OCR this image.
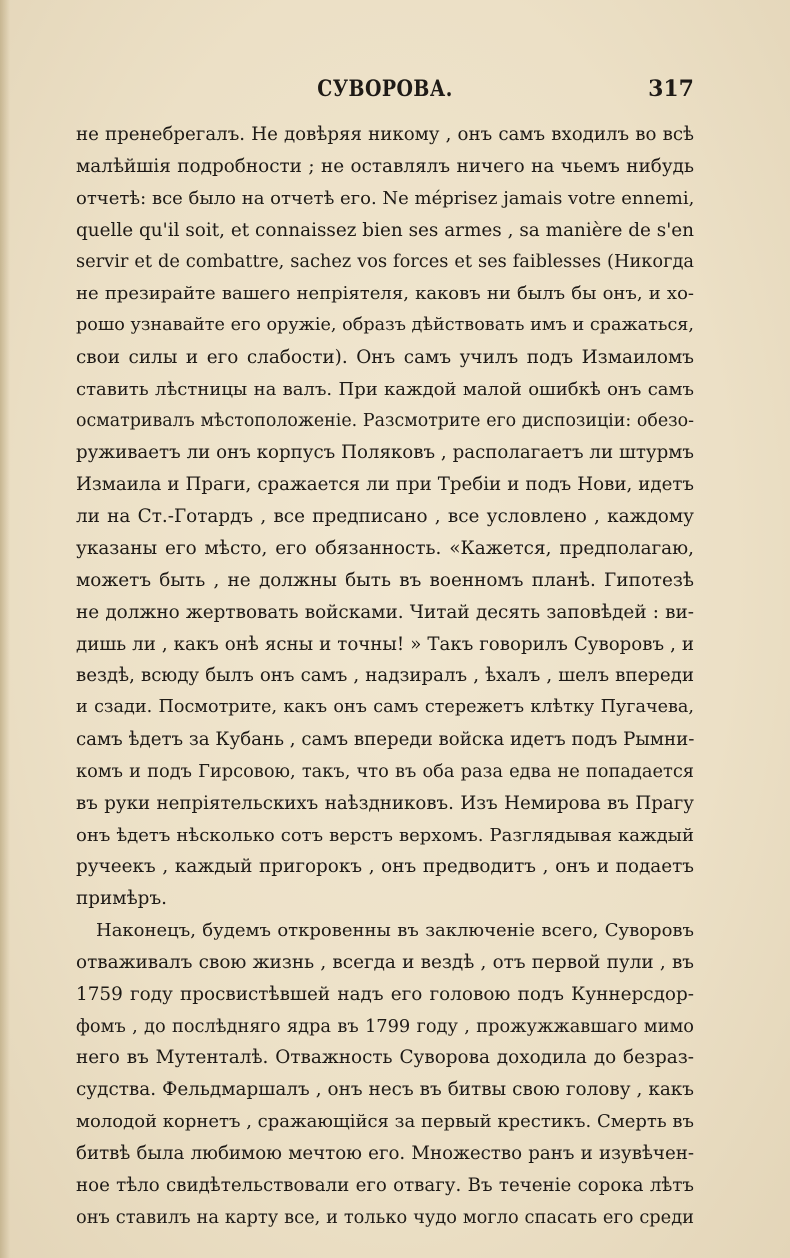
СУВОРОВА.	317
не пренебрегалъ. Не довѣряя никому , онъ самъ входилъ во всѣ
малѣйшія подробности ; не оставлялъ ничего на чьемъ нибудь
отчетѣ: все было на отчетѣ его. Ne méprisez jamais votre ennemi,
quelle qu'il soit, et connaissez bien ses armes , sa manière de s'en
servir et de combattre, sachez vos forces et ses faiblesses (Никогда
не презирайте вашего непріятеля, каковъ ни былъ бы онъ, и хо-
рошо узнавайте его оружіе, образъ дѣйствовать имъ и сражаться,
свои силы и его слабости). Онъ самъ училъ подъ Измаиломъ
ставить лѣстницы на валъ. При каждой малой ошибкѣ онъ самъ
осматривалъ мѣстоположеніе. Разсмотрите его диспозиціи: обезо-
руживаетъ ли онъ корпусъ Поляковъ , располагаетъ ли штурмъ
Измаила и Праги, сражается ли при Требіи и подъ Нови, идетъ
ли на Ст.-Готардъ , все предписано , все условлено , каждому
указаны его мѣсто, его обязанность. «Кажется, предполагаю,
можетъ быть , не должны быть въ военномъ планѣ. Гипотезѣ
не должно жертвовать войсками. Читай десять заповѣдей : ви-
дишь ли , какъ онѣ ясны и точны! » Такъ говорилъ Суворовъ , и
вездѣ, всюду былъ онъ самъ , надзиралъ , ѣхалъ , шелъ впереди
и сзади. Посмотрите, какъ онъ самъ стережетъ клѣтку Пугачева,
самъ ѣдетъ за Кубань , самъ впереди войска идетъ подъ Рымни-
комъ и подъ Гирсовою, такъ, что въ оба раза едва не попадается
въ руки непріятельскихъ наѣздниковъ. Изъ Немирова въ Прагу
онъ ѣдетъ нѣсколько сотъ верстъ верхомъ. Разглядывая каждый
ручеекъ , каждый пригорокъ , онъ предводитъ , онъ и подаетъ
примѣръ.
Наконецъ, будемъ откровенны въ заключеніе всего, Суворовъ
отваживалъ свою жизнь , всегда и вездѣ , отъ первой пули , въ
1759 году просвистѣвшей надъ его головою подъ Куннерсдор-
фомъ , до послѣдняго ядра въ 1799 году , прожужжавшаго мимо
него въ Мутенталѣ. Отважность Суворова доходила до безраз-
судства. Фельдмаршалъ , онъ несъ въ битвы свою голову , какъ
молодой корнетъ , сражающійся за первый крестикъ. Смерть въ
битвѣ была любимою мечтою его. Множество ранъ и изувѣчен-
ное тѣло свидѣтельствовали его отвагу. Въ теченіе сорока лѣтъ
онъ ставилъ на карту все, и только чудо могло спасать его среди
